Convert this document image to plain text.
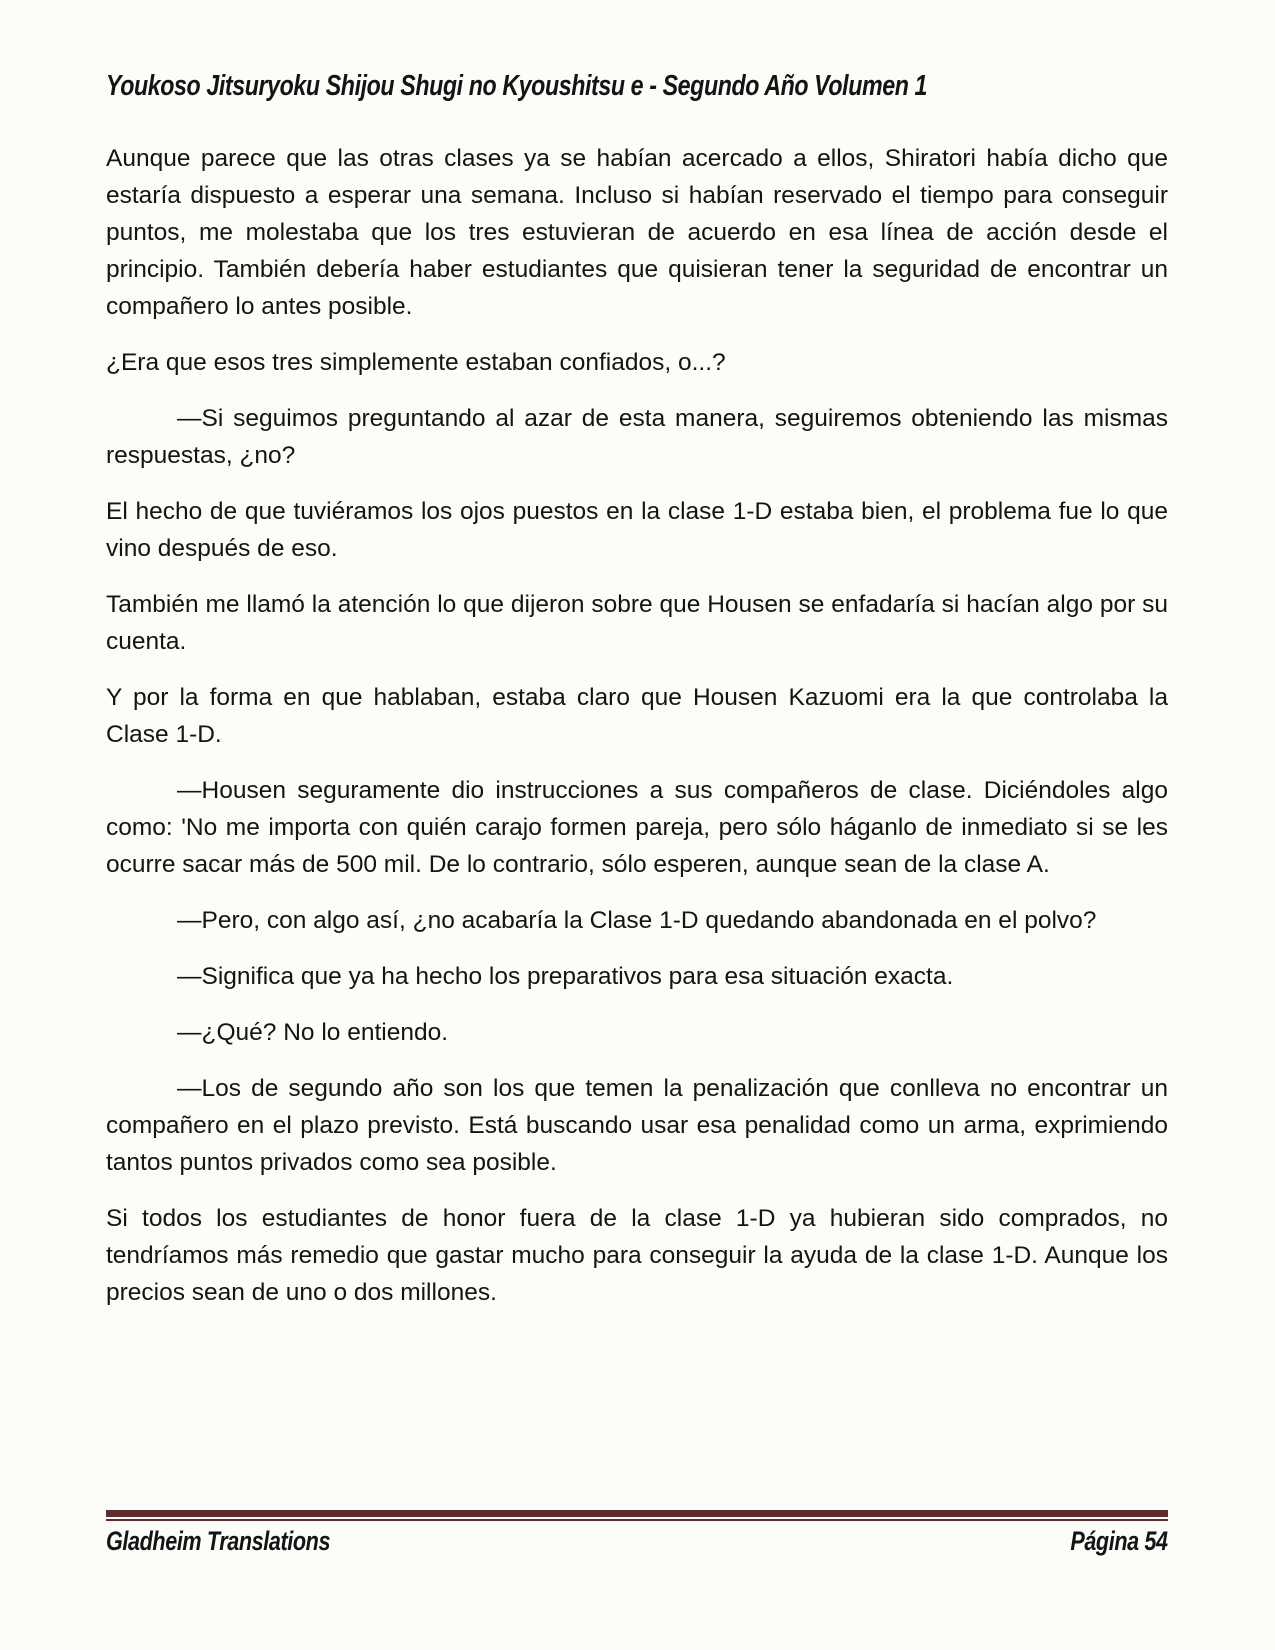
Youkoso Jitsuryoku Shijou Shugi no Kyoushitsu e - Segundo Año Volumen 1

Aunque parece que las otras clases ya se habían acercado a ellos, Shiratori había dicho que estaría dispuesto a esperar una semana. Incluso si habían reservado el tiempo para conseguir puntos, me molestaba que los tres estuvieran de acuerdo en esa línea de acción desde el principio. También debería haber estudiantes que quisieran tener la seguridad de encontrar un compañero lo antes posible.

¿Era que esos tres simplemente estaban confiados, o...?

—Si seguimos preguntando al azar de esta manera, seguiremos obteniendo las mismas respuestas, ¿no?

El hecho de que tuviéramos los ojos puestos en la clase 1-D estaba bien, el problema fue lo que vino después de eso.

También me llamó la atención lo que dijeron sobre que Housen se enfadaría si hacían algo por su cuenta.

Y por la forma en que hablaban, estaba claro que Housen Kazuomi era la que controlaba la Clase 1-D.

—Housen seguramente dio instrucciones a sus compañeros de clase. Diciéndoles algo como: 'No me importa con quién carajo formen pareja, pero sólo háganlo de inmediato si se les ocurre sacar más de 500 mil. De lo contrario, sólo esperen, aunque sean de la clase A.

—Pero, con algo así, ¿no acabaría la Clase 1-D quedando abandonada en el polvo?

—Significa que ya ha hecho los preparativos para esa situación exacta.

—¿Qué? No lo entiendo.

—Los de segundo año son los que temen la penalización que conlleva no encontrar un compañero en el plazo previsto. Está buscando usar esa penalidad como un arma, exprimiendo tantos puntos privados como sea posible.

Si todos los estudiantes de honor fuera de la clase 1-D ya hubieran sido comprados, no tendríamos más remedio que gastar mucho para conseguir la ayuda de la clase 1-D. Aunque los precios sean de uno o dos millones.

Gladheim Translations	Página 54
